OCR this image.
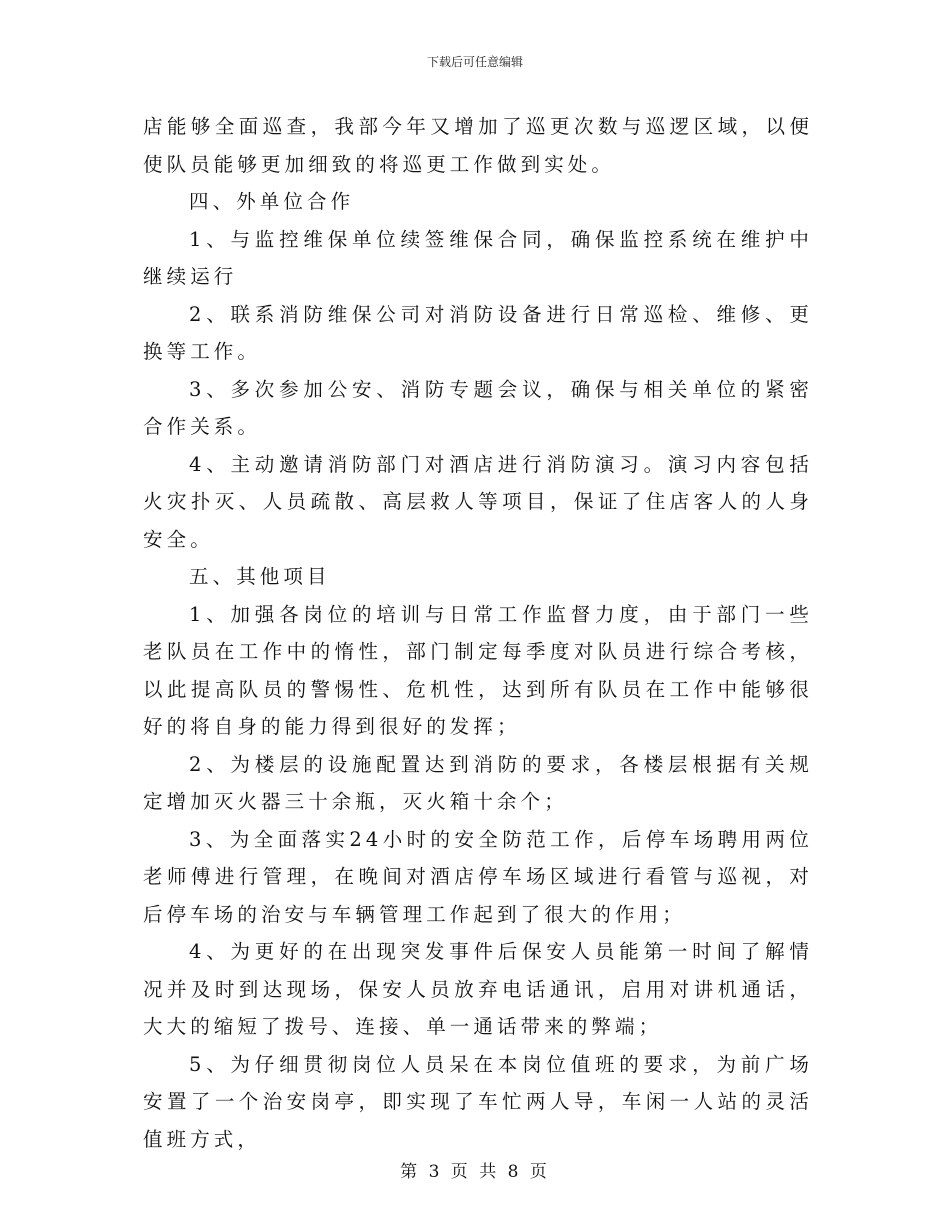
下载后可任意编辑

店能够全面巡查，我部今年又增加了巡更次数与巡逻区域，以便使队员能够更加细致的将巡更工作做到实处。

四、外单位合作

1、与监控维保单位续签维保合同，确保监控系统在维护中继续运行

2、联系消防维保公司对消防设备进行日常巡检、维修、更换等工作。

3、多次参加公安、消防专题会议，确保与相关单位的紧密合作关系。

4、主动邀请消防部门对酒店进行消防演习。演习内容包括火灾扑灭、人员疏散、高层救人等项目，保证了住店客人的人身安全。

五、其他项目

1、加强各岗位的培训与日常工作监督力度，由于部门一些老队员在工作中的惰性，部门制定每季度对队员进行综合考核，以此提高队员的警惕性、危机性，达到所有队员在工作中能够很好的将自身的能力得到很好的发挥；

2、为楼层的设施配置达到消防的要求，各楼层根据有关规定增加灭火器三十余瓶，灭火箱十余个；

3、为全面落实24小时的安全防范工作，后停车场聘用两位老师傅进行管理，在晚间对酒店停车场区域进行看管与巡视，对后停车场的治安与车辆管理工作起到了很大的作用；

4、为更好的在出现突发事件后保安人员能第一时间了解情况并及时到达现场，保安人员放弃电话通讯，启用对讲机通话，大大的缩短了拨号、连接、单一通话带来的弊端；

5、为仔细贯彻岗位人员呆在本岗位值班的要求，为前广场安置了一个治安岗亭，即实现了车忙两人导，车闲一人站的灵活值班方式，

第 3 页 共 8 页
